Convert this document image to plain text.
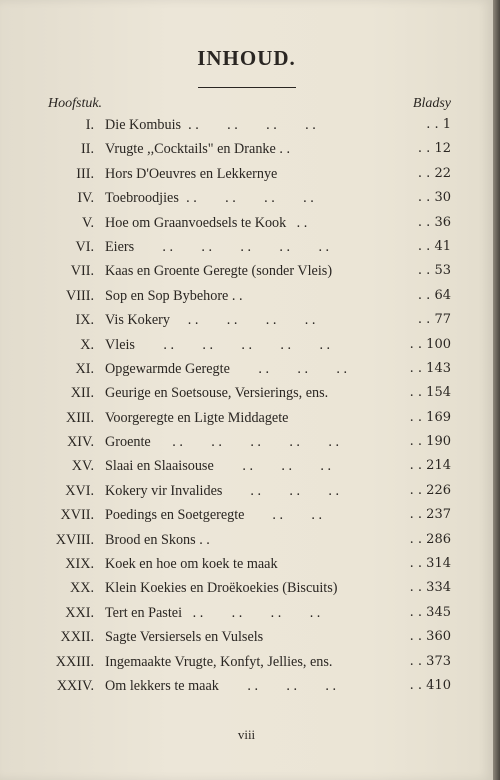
INHOUD.
Hoofstuk.	Bladsy
I. Die Kombuis	. . 1
. .        . .        . .        . .
II. Vrugte ,,Cocktails" en Dranke . .	. . 12
III. Hors D'Oeuvres en Lekkernye	. . 22
IV. Toebroodjies	. . 30
. .        . .        . .        . .
V. Hoe om Graanvoedsels te Kook	. . 36
. .
VI. Eiers	. . 41
. .        . .        . .        . .        . .
VII. Kaas en Groente Geregte (sonder Vleis)	. . 53
VIII. Sop en Sop Bybehore . .	. . 64
IX. Vis Kokery	. . 77
. .        . .        . .        . .
X. Vleis	. . 100
. .        . .        . .        . .        . .
XI. Opgewarmde Geregte	. . 143
. .        . .        . .
XII. Geurige en Soetsouse, Versierings, ens.	. . 154
XIII. Voorgeregte en Ligte Middagete	. . 169
XIV. Groente	. . 190
. .        . .        . .        . .        . .
XV. Slaai en Slaaisouse	. . 214
. .        . .        . .
XVI. Kokery vir Invalides	. . 226
. .        . .        . .
XVII. Poedings en Soetgeregte	. . 237
. .        . .
XVIII. Brood en Skons . .	. . 286
XIX. Koek en hoe om koek te maak	. . 314
XX. Klein Koekies en Droëkoekies (Biscuits)	. . 334
XXI. Tert en Pastei	. . 345
. .        . .        . .        . .
XXII. Sagte Versiersels en Vulsels	. . 360
XXIII. Ingemaakte Vrugte, Konfyt, Jellies, ens.	. . 373
XXIV. Om lekkers te maak	. . 410
. .        . .        . .
viii
